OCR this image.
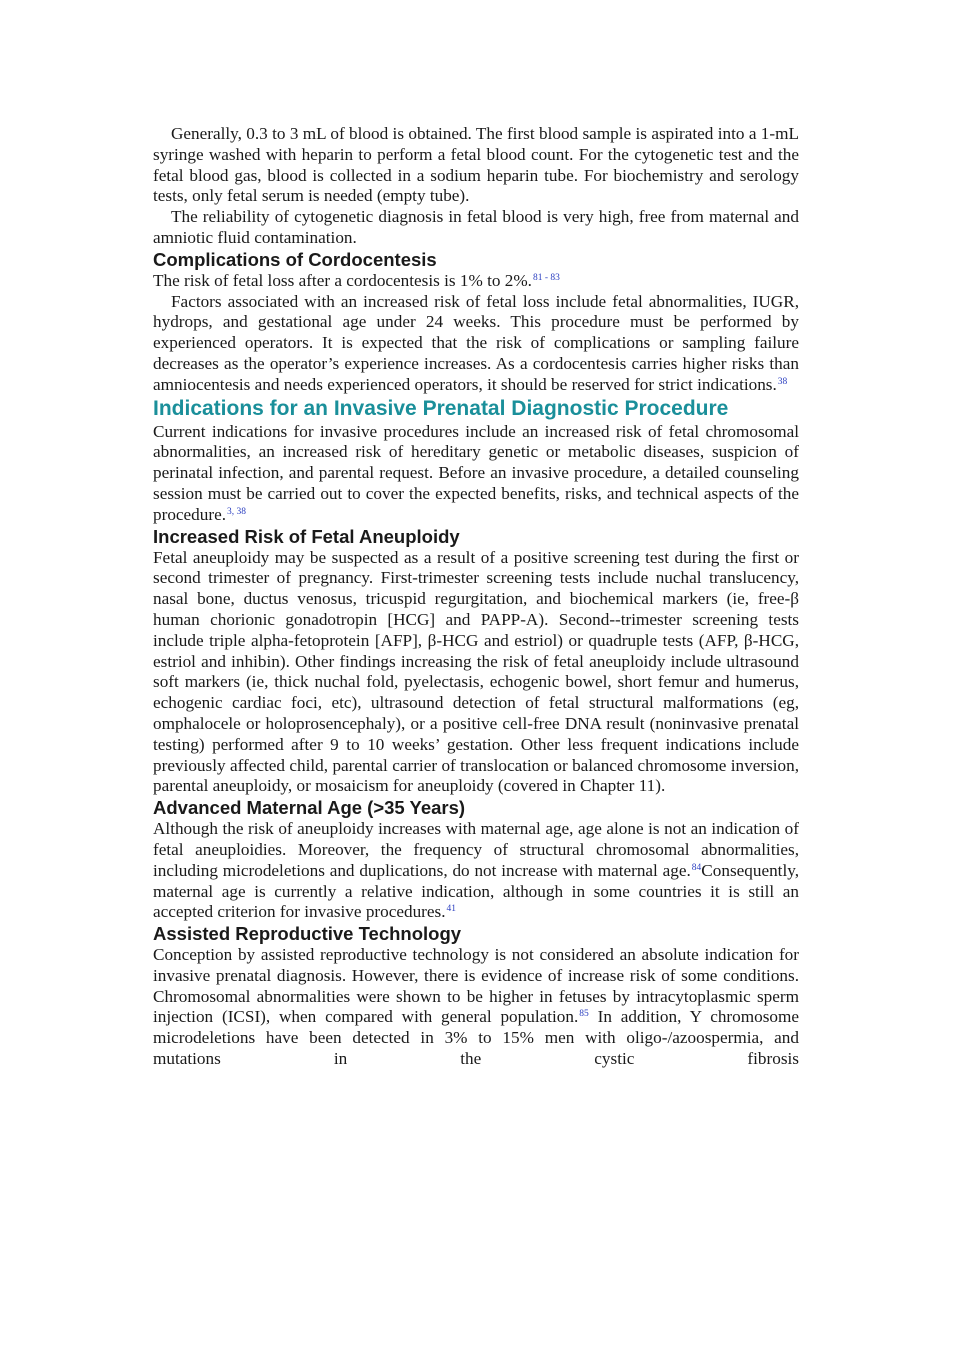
Generally, 0.3 to 3 mL of blood is obtained. The first blood sample is aspirated into a 1-mL syringe washed with heparin to perform a fetal blood count. For the cytogenetic test and the fetal blood gas, blood is collected in a sodium heparin tube. For biochemistry and serology tests, only fetal serum is needed (empty tube).

The reliability of cytogenetic diagnosis in fetal blood is very high, free from maternal and amniotic fluid contamination.

Complications of Cordocentesis

The risk of fetal loss after a cordocentesis is 1% to 2%.$^{81 - 83}$

Factors associated with an increased risk of fetal loss include fetal abnormalities, IUGR, hydrops, and gestational age under 24 weeks. This procedure must be performed by experienced operators. It is expected that the risk of complications or sampling failure decreases as the operator’s experience increases. As a cordocentesis carries higher risks than amniocentesis and needs experienced operators, it should be reserved for strict indications.$^{38}$

Indications for an Invasive Prenatal Diagnostic Procedure

Current indications for invasive procedures include an increased risk of fetal chromosomal abnormalities, an increased risk of hereditary genetic or metabolic diseases, suspicion of perinatal infection, and parental request. Before an invasive procedure, a detailed counseling session must be carried out to cover the expected benefits, risks, and technical aspects of the procedure.$^{3, 38}$

Increased Risk of Fetal Aneuploidy

Fetal aneuploidy may be suspected as a result of a positive screening test during the first or second trimester of pregnancy. First-trimester screening tests include nuchal translucency, nasal bone, ductus venosus, tricuspid regurgitation, and biochemical markers (ie, free-β human chorionic gonadotropin [HCG] and PAPP-A). Second--trimester screening tests include triple alpha-fetoprotein [AFP], β-HCG and estriol) or quadruple tests (AFP, β-HCG, estriol and inhibin). Other findings increasing the risk of fetal aneuploidy include ultrasound soft markers (ie, thick nuchal fold, pyelectasis, echogenic bowel, short femur and humerus, echogenic cardiac foci, etc), ultrasound detection of fetal structural malformations (eg, omphalocele or holoprosencephaly), or a positive cell-free DNA result (noninvasive prenatal testing) performed after 9 to 10 weeks’ gestation. Other less frequent indications include previously affected child, parental carrier of translocation or balanced chromosome inversion, parental aneuploidy, or mosaicism for aneuploidy (covered in Chapter 11).

Advanced Maternal Age (>35 Years)

Although the risk of aneuploidy increases with maternal age, age alone is not an indication of fetal aneuploidies. Moreover, the frequency of structural chromosomal abnormalities, including microdeletions and duplications, do not increase with maternal age.$^{84}$Consequently, maternal age is currently a relative indication, although in some countries it is still an accepted criterion for invasive procedures.$^{41}$

Assisted Reproductive Technology

Conception by assisted reproductive technology is not considered an absolute indication for invasive prenatal diagnosis. However, there is evidence of increase risk of some conditions. Chromosomal abnormalities were shown to be higher in fetuses by intracytoplasmic sperm injection (ICSI), when compared with general population.$^{85}$ In addition, Y chromosome microdeletions have been detected in 3% to 15% men with oligo-/azoospermia, and mutations in the cystic fibrosis
